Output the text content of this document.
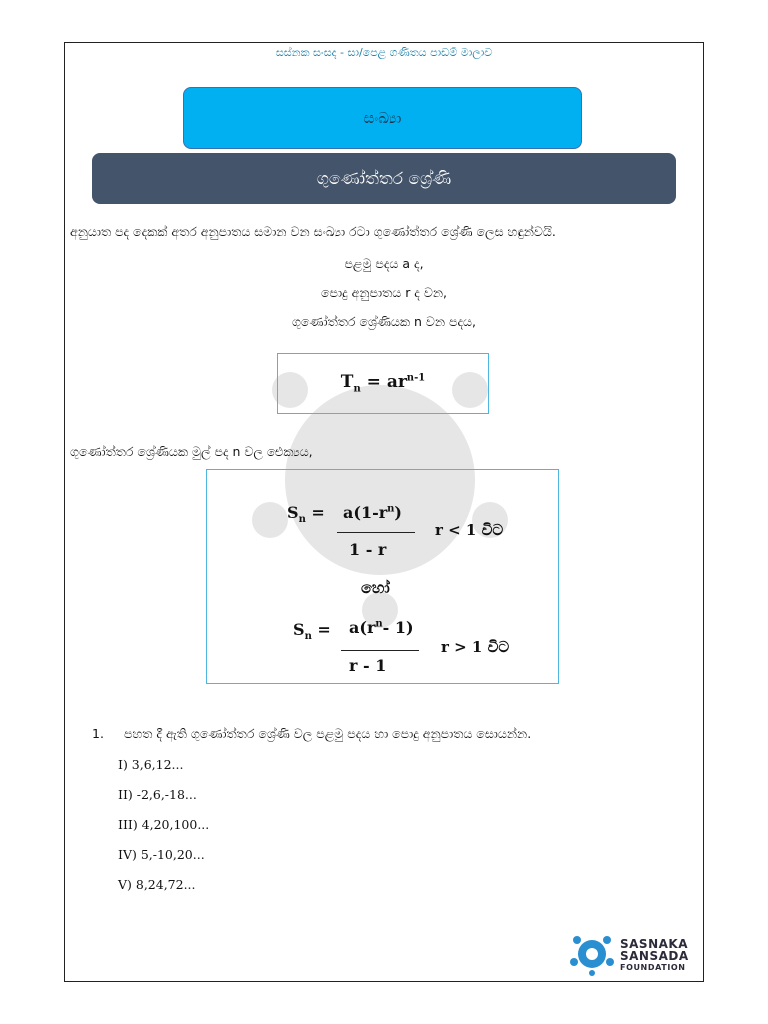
සස්නක සංසද - සා/පෙළ ගණිතය පාඩම් මාලාව
සංඛ්‍යා
ගුණෝත්තර ශ්‍රේණි
අනුයාත පද දෙකක් අතර අනුපාතය සමාන වන සංඛ්‍යා රටා ගුණෝත්තර ශ්‍රේණි ලෙස හඳුන්වයි.
පළමු පදය a ද,
පොදු අනුපාතය r ද වන,
ගුණෝත්තර ශ්‍රේණියක n වන පදය,
$T_n = ar^{n-1}$
ගුණෝත්තර ශ්‍රේණියක මුල් පද n වල ඓක්‍යය,
$S_n = a(1-r^n)$
1 - r
r < 1 විට
හෝ
$S_n = a(r^n-$ 1)
r - 1
r > 1 විට
1. පහත දී ඇති ගුණෝත්තර ශ්‍රේණි වල පළමු පදය හා පොදු අනුපාතය සොයන්න.
I) 3,6,12...
II) -2,6,-18...
III) 4,20,100...
IV) 5,-10,20...
V) 8,24,72...
SASNAKA
SANSADA
FOUNDATION
